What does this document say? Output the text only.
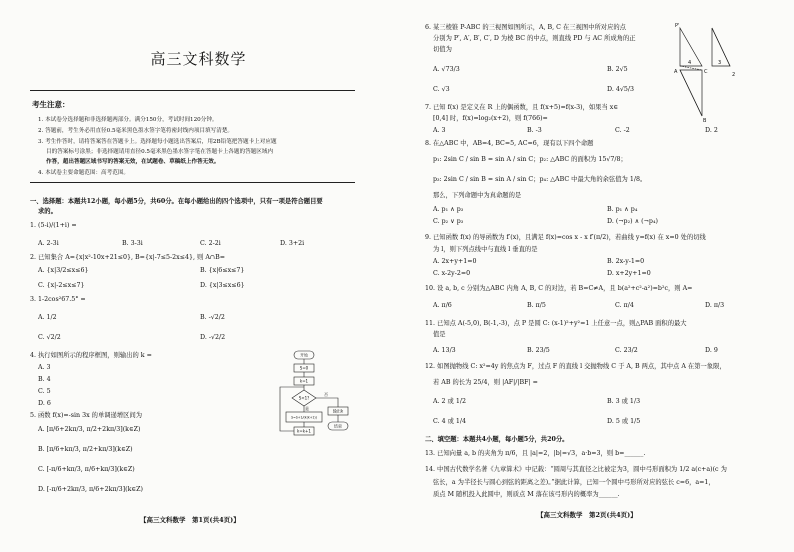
高三文科数学
考生注意：
1. 本试卷分选择题和非选择题两部分。满分150分，考试时间120分钟。
2. 答题前，考生务必用直径0.5毫米黑色墨水签字笔将密封线内项目填写清楚。
3. 考生作答时，请将答案答在答题卡上。选择题每小题选出答案后，用2B铅笔把答题卡上对应题
目的答案标号涂黑；非选择题请用直径0.5毫米黑色墨水签字笔在答题卡上各题的答题区域内
作答，超出答题区域书写的答案无效，在试题卷、草稿纸上作答无效。
4. 本试卷主要命题范围：高考范围。
一、选择题：本题共12小题，每小题5分，共60分。在每小题给出的四个选项中，只有一项是符合题目要
求的。
1. (5-i)/(1+i) =
A. 2-3i	B. 3-3i	C. 2-2i	D. 3+2i
2. 已知集合 A={x|x²-10x+21≤0}, B={x|-7≤5-2x≤4}, 则 A∩B=
A. {x|3/2≤x≤6}	B. {x|6≤x≤7}
C. {x|-2≤x≤7}	D. {x|3≤x≤6}
3. 1-2cos²67.5° =
A. 1/2	B. -√2/2
C. √2/2	D. -√2/2
4. 执行如图所示的程序框图，则输出的 k =
A. 3
B. 4
C. 5
D. 6
5. 函数 f(x)=-sin 3x 的单调递增区间为
A. [π/6+2kπ/3, π/2+2kπ/3](k∈Z)
B. [π/6+kπ/3, π/2+kπ/3](k∈Z)
C. [-π/6+kπ/3, π/6+kπ/3](k∈Z)
D. [-π/6+2kπ/3, π/6+2kπ/3](k∈Z)
开始
S=0
k=1
S<1?
是
否
S=S+1/(k(k+1))
k=k+1
输出k
结束
【高三文科数学　第1页(共4页)】
6. 某三棱锥 P-ABC 的三视图如图所示，A, B, C 在三视图中所对应的点
分别为 P′, A′, B′, C′, D 为棱 BC 的中点，则直线 PD 与 AC 所成角的正
切值为
A. √73/3	B. 2√5
C. √3	D. 4√5/3
7. 已知 f(x) 是定义在 R 上的偶函数，且 f(x+5)=f(x-3)，如果当 x∈
[0,4] 时，f(x)=log₂(x+2)，则 f(766)=
A. 3	B. -3	C. -2	D. 2
8. 在△ABC 中，AB=4, BC=5, AC=6，现有以下四个命题
p₁: 2sin C / sin B = sin A / sin C；p₂: △ABC 的面积为 15√7/8；
p₃: 2sin C / sin B = sin A / sin C；p₄: △ABC 中最大角的余弦值为 1/8。
那么，下列命题中为真命题的是
A. p₁ ∧ p₃	B. p₁ ∧ p₄
C. p₂ ∨ p₃	D. (¬p₂) ∧ (¬p₄)
9. 已知函数 f(x) 的导函数为 f′(x)，且满足 f(x)=cos x - x f′(π/2)，若曲线 y=f(x) 在 x=0 处的切线
为 l，则下列点线中与直线 l 垂直的是
A. 2x+y+1=0	B. 2x-y-1=0
C. x-2y-2=0	D. x+2y+1=0
10. 设 a, b, c 分别为△ABC 内角 A, B, C 的对边，若 B=C≠A，且 b(a²+c²-a²)=b²c，则 A=
A. π/6	B. π/5	C. π/4	D. π/3
11. 已知点 A(-5,0), B(-1,-3)，点 P 是圆 C: (x-1)²+y²=1 上任意一点，则△PAB 面积的最大
值是
A. 13/3	B. 23/5	C. 23/2	D. 9
12. 如图抛物线 C: x²=4y 的焦点为 F，过点 F 的直线 l 交抛物线 C 于 A, B 两点，其中点 A 在第一象限，
若 AB 的长为 25/4，则 |AF|/|BF| =
A. 2 或 1/2	B. 3 或 1/3
C. 4 或 1/4	D. 5 或 1/5
二、填空题：本题共4小题，每小题5分，共20分。
13. 已知向量 a, b 的夹角为 π/6，且 |a|=2，|b|=√3，a·b=3，则 b=______.
14. 中国古代数学名著《九章算术》中记载：“圆周与其直径之比被定为3，圆中弓形面积为 1/2 a(c+a)(c 为
弦长，a 为半径长与圆心到弦的距离之差)。”据此计算，已知一个圆中弓形所对应的弦长 c=6，a=1，
质点 M 随机投入此圆中，则质点 M 落在该弓形内的概率为______.
【高三文科数学　第2页(共4页)】
P'
A	C
B
4	3
2
